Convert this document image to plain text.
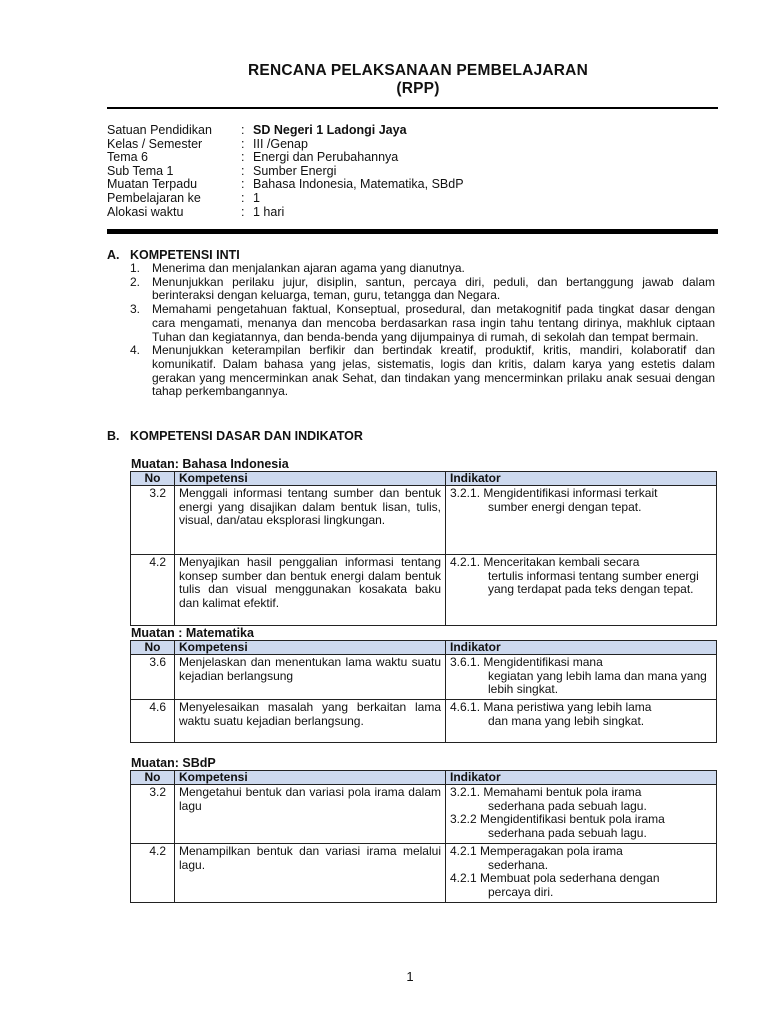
RENCANA PELAKSANAAN PEMBELAJARAN
(RPP)
Satuan Pendidikan : SD Negeri 1 Ladongi Jaya
Kelas / Semester	: III /Genap
Tema 6	: Energi dan Perubahannya
Sub Tema 1	: Sumber Energi
Muatan Terpadu	: Bahasa Indonesia, Matematika, SBdP
Pembelajaran ke	: 1
Alokasi waktu	: 1 hari
A. KOMPETENSI INTI
1. Menerima dan menjalankan ajaran agama yang dianutnya.
2. Menunjukkan perilaku jujur, disiplin, santun, percaya diri, peduli, dan bertanggung jawab dalam berinteraksi dengan keluarga, teman, guru, tetangga dan Negara.
3. Memahami pengetahuan faktual, Konseptual, prosedural, dan metakognitif pada tingkat dasar dengan cara mengamati, menanya dan mencoba berdasarkan rasa ingin tahu tentang dirinya, makhluk ciptaan Tuhan dan kegiatannya, dan benda-benda yang dijumpainya di rumah, di sekolah dan tempat bermain.
4. Menunjukkan keterampilan berfikir dan bertindak kreatif, produktif, kritis, mandiri, kolaboratif dan komunikatif. Dalam bahasa yang jelas, sistematis, logis dan kritis, dalam karya yang estetis dalam gerakan yang mencerminkan anak Sehat, dan tindakan yang mencerminkan prilaku anak sesuai dengan tahap perkembangannya.
B. KOMPETENSI DASAR DAN INDIKATOR
Muatan: Bahasa Indonesia
No	Kompetensi	Indikator
3.2	Menggali informasi tentang sumber dan bentuk energi yang disajikan dalam bentuk lisan, tulis, visual, dan/atau eksplorasi lingkungan.	3.2.1. Mengidentifikasi informasi terkait
sumber energi dengan tepat.

4.2	Menyajikan hasil penggalian informasi tentang konsep sumber dan bentuk energi dalam bentuk tulis dan visual menggunakan kosakata baku dan kalimat efektif.	4.2.1. Menceritakan kembali secara
tertulis informasi tentang sumber energi yang terdapat pada teks dengan tepat.
Muatan : Matematika
No	Kompetensi	Indikator
3.6	Menjelaskan dan menentukan lama waktu suatu kejadian berlangsung	3.6.1. Mengidentifikasi mana
kegiatan yang lebih lama dan mana yang lebih singkat.

4.6	Menyelesaikan masalah yang berkaitan lama waktu suatu kejadian berlangsung.	4.6.1. Mana peristiwa yang lebih lama
dan mana yang lebih singkat.
Muatan: SBdP
No	Kompetensi	Indikator
3.2	Mengetahui bentuk dan variasi pola irama dalam lagu	3.2.1. Memahami bentuk pola irama
sederhana pada sebuah lagu.
3.2.2 Mengidentifikasi bentuk pola irama
sederhana pada sebuah lagu.

4.2	Menampilkan bentuk dan variasi irama melalui lagu.	4.2.1 Memperagakan pola irama
sederhana.
4.2.1 Membuat pola sederhana dengan
percaya diri.
1
